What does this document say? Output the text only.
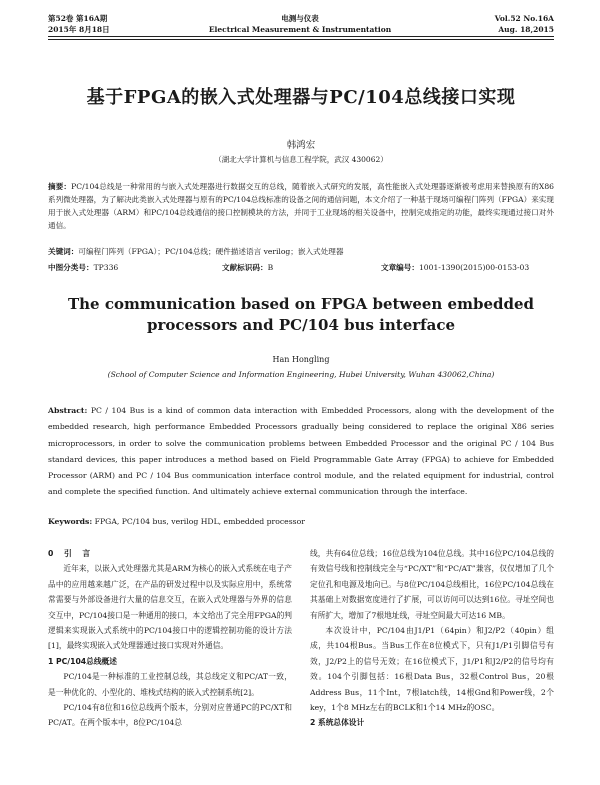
第52卷 第16A期
2015年 8月18日
电测与仪表
Electrical Measurement & Instrumentation
Vol.52 No.16A
Aug. 18,2015
基于FPGA的嵌入式处理器与PC/104总线接口实现
韩鸿宏
（湖北大学计算机与信息工程学院，武汉 430062）
摘要：PC/104总线是一种常用的与嵌入式处理器进行数据交互的总线，随着嵌入式研究的发展，高性能嵌入式处理器逐渐被考虑用来替换原有的X86系列微处理器，为了解决此类嵌入式处理器与原有的PC/104总线标准的设备之间的通信问题，本文介绍了一种基于现场可编程门阵列（FPGA）来实现用于嵌入式处理器（ARM）和PC/104总线通信的接口控制模块的方法，并同于工业现场的相关设备中，控制完成指定的功能，最终实现通过接口对外通信。
关键词：可编程门阵列（FPGA）；PC/104总线；硬件描述语言 verilog；嵌入式处理器
中图分类号：TP336	文献标识码：B	文章编号：1001-1390(2015)00-0153-03
The communication based on FPGA between embedded processors and PC/104 bus interface
Han Hongling
(School of Computer Science and Information Engineering, Hubei University, Wuhan 430062,China)
Abstract: PC / 104 Bus is a kind of common data interaction with Embedded Processors, along with the development of the embedded research, high performance Embedded Processors gradually being considered to replace the original X86 series microprocessors, in order to solve the communication problems between Embedded Processor and the original PC / 104 Bus standard devices, this paper introduces a method based on Field Programmable Gate Array (FPGA) to achieve for Embedded Processor (ARM) and PC / 104 Bus communication interface control module, and the related equipment for industrial, control and complete the specified function. And ultimately achieve external communication through the interface.
Keywords: FPGA, PC/104 bus, verilog HDL, embedded processor

0 引 言

近年来，以嵌入式处理器尤其是ARM为核心的嵌入式系统在电子产品中的应用越来越广泛，在产品的研发过程中以及实际应用中，系统常常需要与外部设备进行大量的信息交互，在嵌入式处理器与外界的信息交互中，PC/104接口是一种通用的接口，本文给出了完全用FPGA的判逻辑来实现嵌入式系统中的PC/104接口中的逻辑控制功能的设计方法[1]，最终实现嵌入式处理器通过接口实现对外通信。

1 PC/104总线概述

PC/104是一种标准的工业控制总线，其总线定义和PC/AT一致，是一种优化的、小型化的、堆栈式结构的嵌入式控制系统[2]。

PC/104有8位和16位总线两个版本，分别对应普通PC的PC/XT和PC/AT。在两个版本中，8位PC/104总

线，共有64位总线；16位总线为104位总线。其中16位PC/104总线的有效信号线和控制线完全与“PC/XT”和“PC/AT”兼容，仅仅增加了几个定位孔和电源及地向已。与8位PC/104总线相比，16位PC/104总线在其基础上对数据宽度进行了扩展，可以访问可以达到16位。寻址空间也有所扩大，增加了7根地址线，寻址空间最大可达16 MB。

本次设计中，PC/104由J1/P1（64pin）和J2/P2（40pin）组成，共104根Bus。当Bus工作在8位模式下，只有J1/P1引脚信号有效，J2/P2上的信号无效；在16位模式下，J1/P1和J2/P2的信号均有效。104个引脚包括：16根Data Bus，32根Control Bus，20根Address Bus，11个Int，7根latch线，14根Gnd和Power线，2个key，1个8 MHz左右的BCLK和1个14 MHz的OSC。

2 系统总体设计
